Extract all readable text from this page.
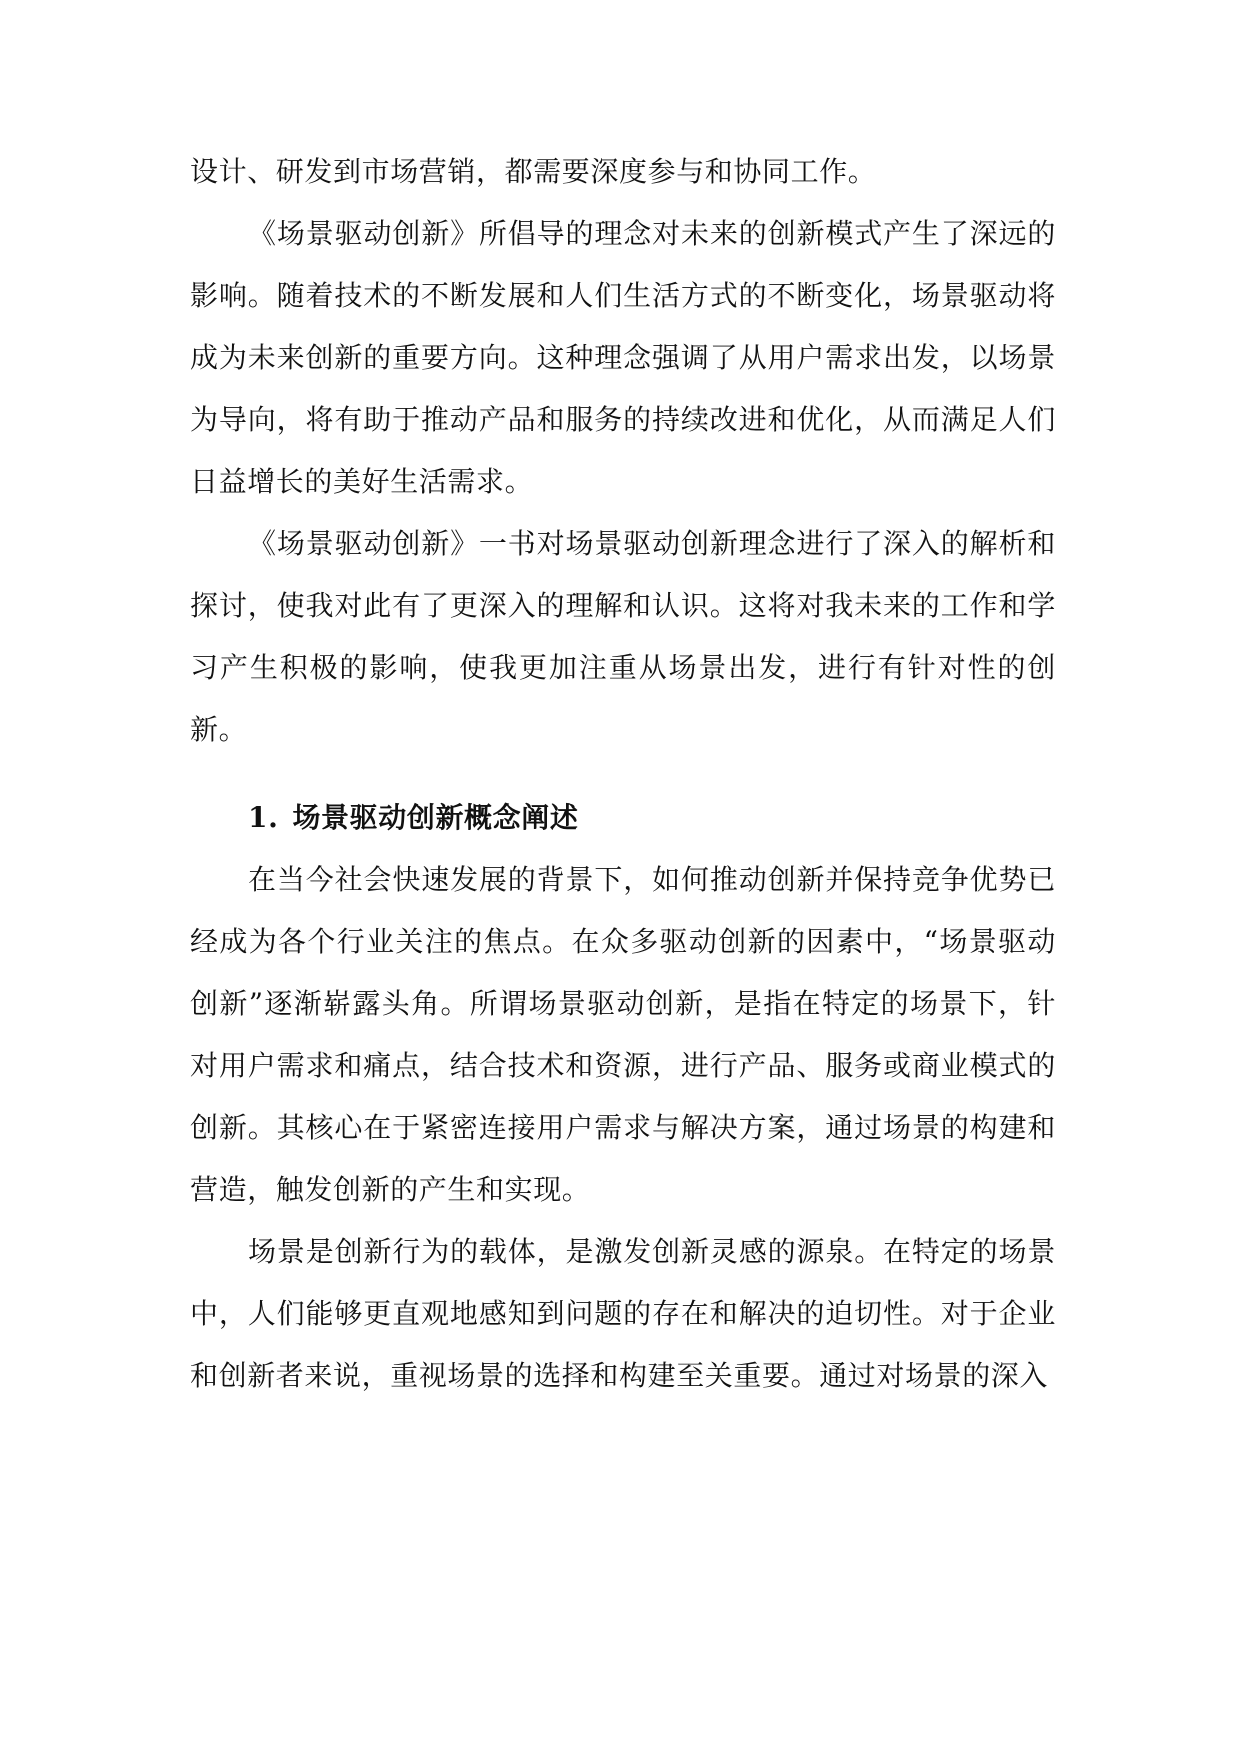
设计、研发到市场营销，都需要深度参与和协同工作。

《场景驱动创新》所倡导的理念对未来的创新模式产生了深远的影响。随着技术的不断发展和人们生活方式的不断变化，场景驱动将成为未来创新的重要方向。这种理念强调了从用户需求出发，以场景为导向，将有助于推动产品和服务的持续改进和优化，从而满足人们日益增长的美好生活需求。

《场景驱动创新》一书对场景驱动创新理念进行了深入的解析和探讨，使我对此有了更深入的理解和认识。这将对我未来的工作和学习产生积极的影响，使我更加注重从场景出发，进行有针对性的创新。

1. 场景驱动创新概念阐述

在当今社会快速发展的背景下，如何推动创新并保持竞争优势已经成为各个行业关注的焦点。在众多驱动创新的因素中，“场景驱动创新”逐渐崭露头角。所谓场景驱动创新，是指在特定的场景下，针对用户需求和痛点，结合技术和资源，进行产品、服务或商业模式的创新。其核心在于紧密连接用户需求与解决方案，通过场景的构建和营造，触发创新的产生和实现。

场景是创新行为的载体，是激发创新灵感的源泉。在特定的场景中，人们能够更直观地感知到问题的存在和解决的迫切性。对于企业和创新者来说，重视场景的选择和构建至关重要。通过对场景的深入
